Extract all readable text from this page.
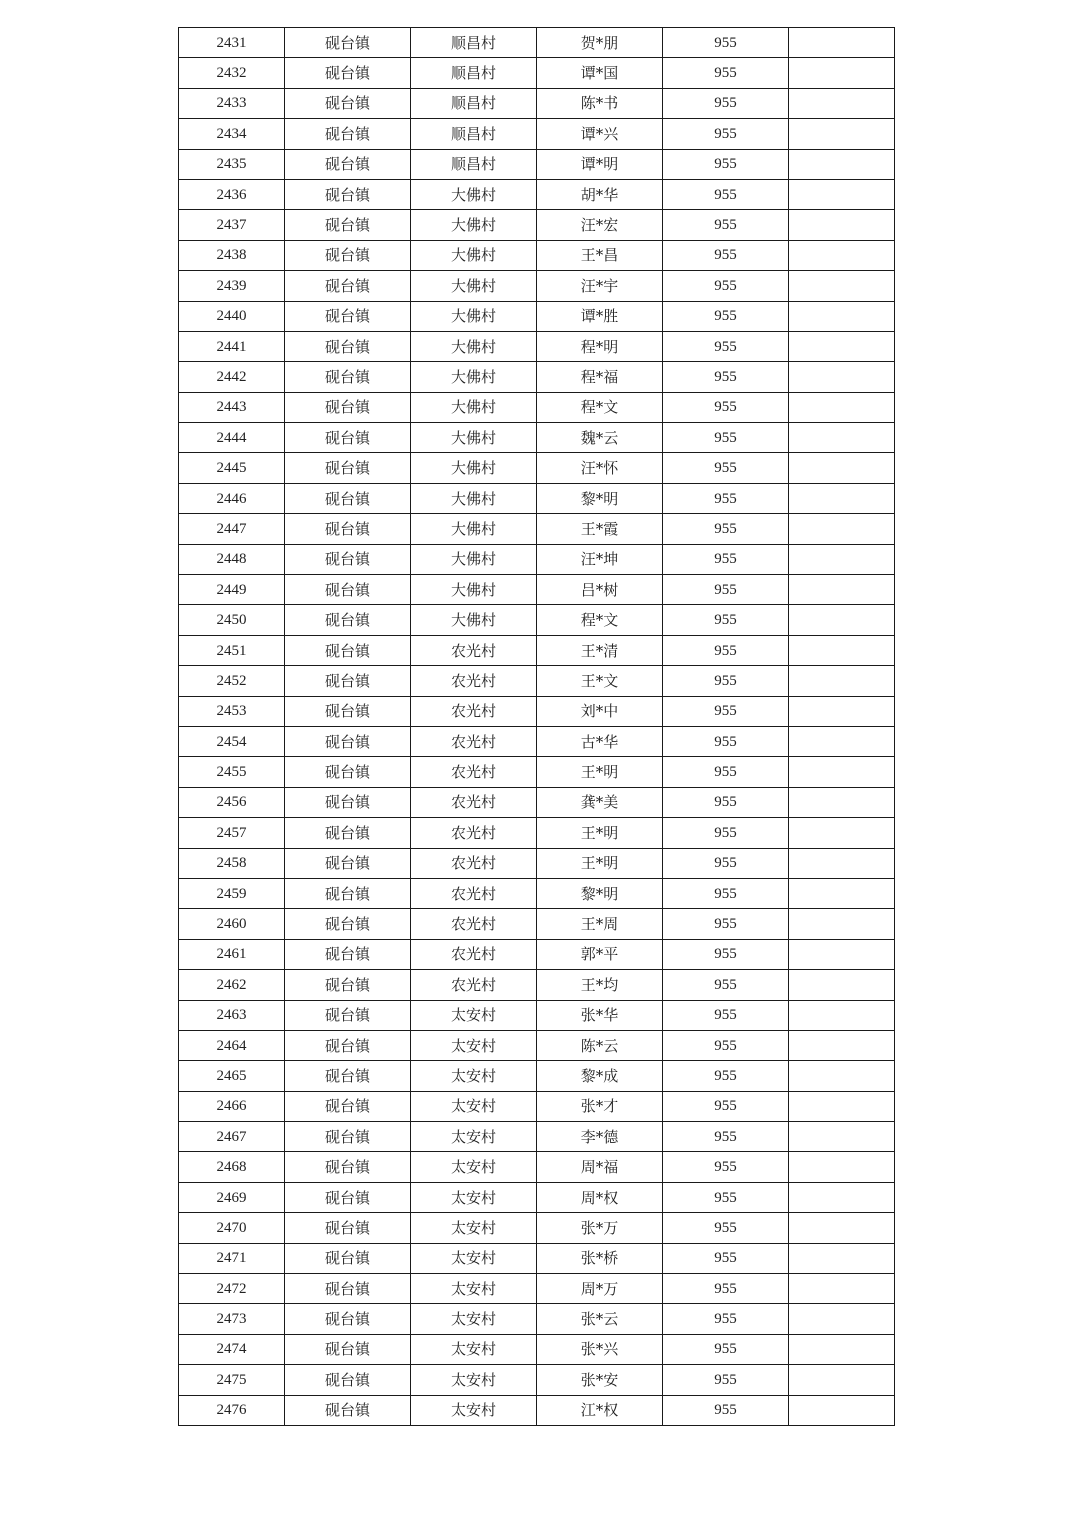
2431	砚台镇	顺昌村	贺*朋	955	
2432	砚台镇	顺昌村	谭*国	955	
2433	砚台镇	顺昌村	陈*书	955	
2434	砚台镇	顺昌村	谭*兴	955	
2435	砚台镇	顺昌村	谭*明	955	
2436	砚台镇	大佛村	胡*华	955	
2437	砚台镇	大佛村	汪*宏	955	
2438	砚台镇	大佛村	王*昌	955	
2439	砚台镇	大佛村	汪*宇	955	
2440	砚台镇	大佛村	谭*胜	955	
2441	砚台镇	大佛村	程*明	955	
2442	砚台镇	大佛村	程*福	955	
2443	砚台镇	大佛村	程*文	955	
2444	砚台镇	大佛村	魏*云	955	
2445	砚台镇	大佛村	汪*怀	955	
2446	砚台镇	大佛村	黎*明	955	
2447	砚台镇	大佛村	王*霞	955	
2448	砚台镇	大佛村	汪*坤	955	
2449	砚台镇	大佛村	吕*树	955	
2450	砚台镇	大佛村	程*文	955	
2451	砚台镇	农光村	王*清	955	
2452	砚台镇	农光村	王*文	955	
2453	砚台镇	农光村	刘*中	955	
2454	砚台镇	农光村	古*华	955	
2455	砚台镇	农光村	王*明	955	
2456	砚台镇	农光村	龚*美	955	
2457	砚台镇	农光村	王*明	955	
2458	砚台镇	农光村	王*明	955	
2459	砚台镇	农光村	黎*明	955	
2460	砚台镇	农光村	王*周	955	
2461	砚台镇	农光村	郭*平	955	
2462	砚台镇	农光村	王*均	955	
2463	砚台镇	太安村	张*华	955	
2464	砚台镇	太安村	陈*云	955	
2465	砚台镇	太安村	黎*成	955	
2466	砚台镇	太安村	张*才	955	
2467	砚台镇	太安村	李*德	955	
2468	砚台镇	太安村	周*福	955	
2469	砚台镇	太安村	周*权	955	
2470	砚台镇	太安村	张*万	955	
2471	砚台镇	太安村	张*桥	955	
2472	砚台镇	太安村	周*万	955	
2473	砚台镇	太安村	张*云	955	
2474	砚台镇	太安村	张*兴	955	
2475	砚台镇	太安村	张*安	955	
2476	砚台镇	太安村	江*权	955	
